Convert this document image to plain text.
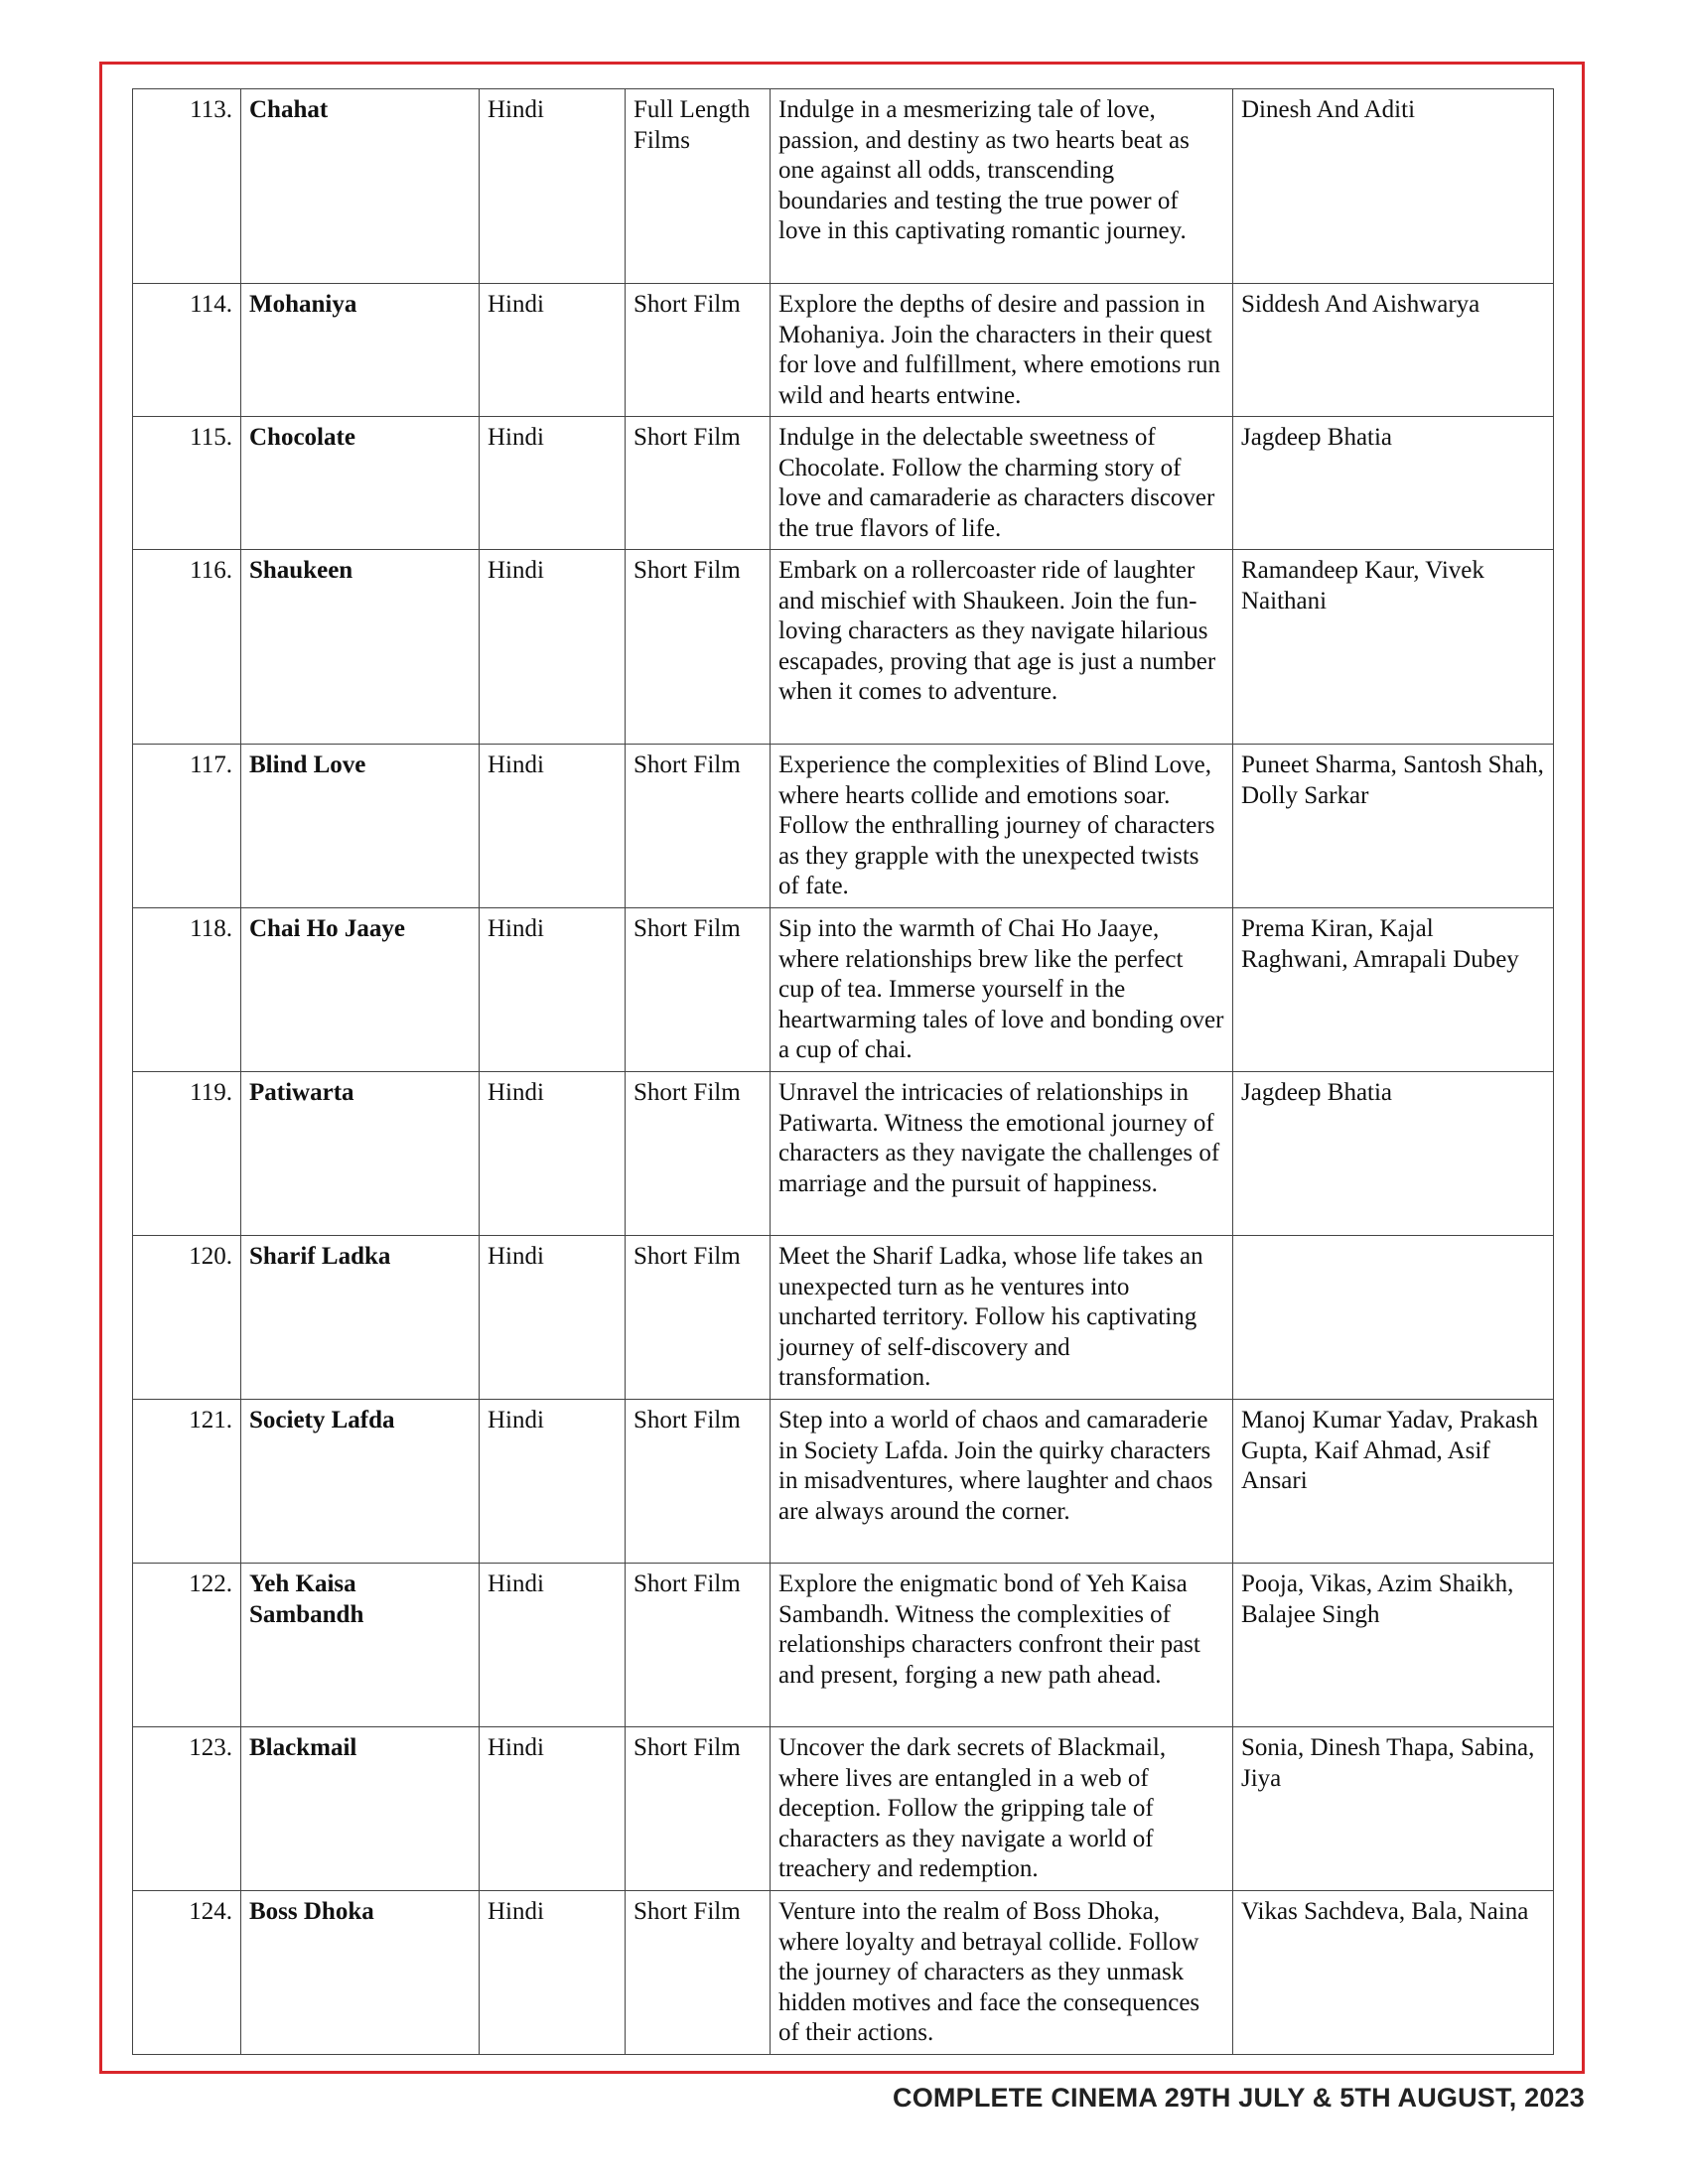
113.	Chahat	Hindi	Full Length Films	Indulge in a mesmerizing tale of love, passion, and destiny as two hearts beat as one against all odds, transcending boundaries and testing the true power of love in this captivating romantic journey.	Dinesh And Aditi
114.	Mohaniya	Hindi	Short Film	Explore the depths of desire and passion in Mohaniya. Join the characters in their quest for love and fulfillment, where emotions run wild and hearts entwine.	Siddesh And Aishwarya
115.	Chocolate	Hindi	Short Film	Indulge in the delectable sweetness of Chocolate. Follow the charming story of love and camaraderie as characters discover the true flavors of life.	Jagdeep Bhatia
116.	Shaukeen	Hindi	Short Film	Embark on a rollercoaster ride of laughter and mischief with Shaukeen. Join the fun-loving characters as they navigate hilarious escapades, proving that age is just a number when it comes to adventure.	Ramandeep Kaur, Vivek Naithani
117.	Blind Love	Hindi	Short Film	Experience the complexities of Blind Love, where hearts collide and emotions soar. Follow the enthralling journey of characters as they grapple with the unexpected twists of fate.	Puneet Sharma, Santosh Shah, Dolly Sarkar
118.	Chai Ho Jaaye	Hindi	Short Film	Sip into the warmth of Chai Ho Jaaye, where relationships brew like the perfect cup of tea. Immerse yourself in the heartwarming tales of love and bonding over a cup of chai.	Prema Kiran, Kajal Raghwani, Amrapali Dubey
119.	Patiwarta	Hindi	Short Film	Unravel the intricacies of relationships in Patiwarta. Witness the emotional journey of characters as they navigate the challenges of marriage and the pursuit of happiness.	Jagdeep Bhatia
120.	Sharif Ladka	Hindi	Short Film	Meet the Sharif Ladka, whose life takes an unexpected turn as he ventures into uncharted territory. Follow his captivating journey of self-discovery and transformation.	
121.	Society Lafda	Hindi	Short Film	Step into a world of chaos and camaraderie in Society Lafda. Join the quirky characters in misadventures, where laughter and chaos are always around the corner.	Manoj Kumar Yadav, Prakash Gupta, Kaif Ahmad, Asif Ansari
122.	Yeh Kaisa Sambandh	Hindi	Short Film	Explore the enigmatic bond of Yeh Kaisa Sambandh. Witness the complexities of relationships characters confront their past and present, forging a new path ahead.	Pooja, Vikas, Azim Shaikh, Balajee Singh
123.	Blackmail	Hindi	Short Film	Uncover the dark secrets of Blackmail, where lives are entangled in a web of deception. Follow the gripping tale of characters as they navigate a world of treachery and redemption.	Sonia, Dinesh Thapa, Sabina, Jiya
124.	Boss Dhoka	Hindi	Short Film	Venture into the realm of Boss Dhoka, where loyalty and betrayal collide. Follow the journey of characters as they unmask hidden motives and face the consequences of their actions.	Vikas Sachdeva, Bala, Naina
COMPLETE CINEMA 29TH JULY & 5TH AUGUST, 2023
